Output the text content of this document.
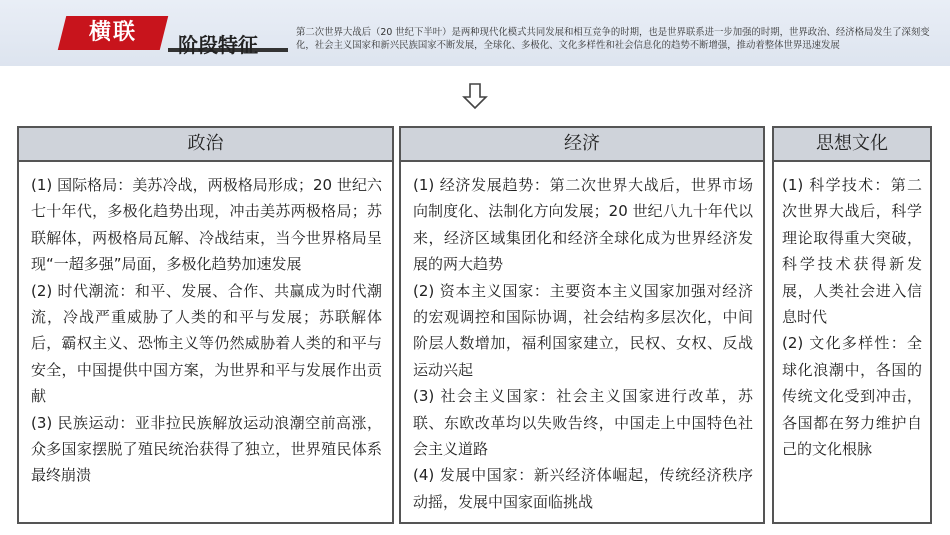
横联	阶段特征
第二次世界大战后（20 世纪下半叶）是两种现代化模式共同发展和相互竞争的时期，也是世界联系进一步加强的时期，世界政治、经济格局发生了深刻变化，社会主义国家和新兴民族国家不断发展，全球化、多极化、文化多样性和社会信息化的趋势不断增强，推动着整体世界迅速发展
政治

(1) 国际格局：美苏冷战，两极格局形成；20 世纪六七十年代，多极化趋势出现，冲击美苏两极格局；苏联解体，两极格局瓦解、冷战结束，当今世界格局呈现“一超多强”局面，多极化趋势加速发展

(2) 时代潮流：和平、发展、合作、共赢成为时代潮流，冷战严重威胁了人类的和平与发展；苏联解体后，霸权主义、恐怖主义等仍然威胁着人类的和平与安全，中国提供中国方案，为世界和平与发展作出贡献

(3) 民族运动：亚非拉民族解放运动浪潮空前高涨，众多国家摆脱了殖民统治获得了独立，世界殖民体系最终崩溃

经济

(1) 经济发展趋势：第二次世界大战后，世界市场向制度化、法制化方向发展；20 世纪八九十年代以来，经济区域集团化和经济全球化成为世界经济发展的两大趋势

(2) 资本主义国家：主要资本主义国家加强对经济的宏观调控和国际协调，社会结构多层次化，中间阶层人数增加，福利国家建立，民权、女权、反战运动兴起

(3) 社会主义国家：社会主义国家进行改革，苏联、东欧改革均以失败告终，中国走上中国特色社会主义道路

(4) 发展中国家：新兴经济体崛起，传统经济秩序动摇，发展中国家面临挑战

思想文化

(1) 科学技术：第二次世界大战后，科学理论取得重大突破，科学技术获得新发展，人类社会进入信息时代

(2) 文化多样性：全球化浪潮中，各国的传统文化受到冲击，各国都在努力维护自己的文化根脉
